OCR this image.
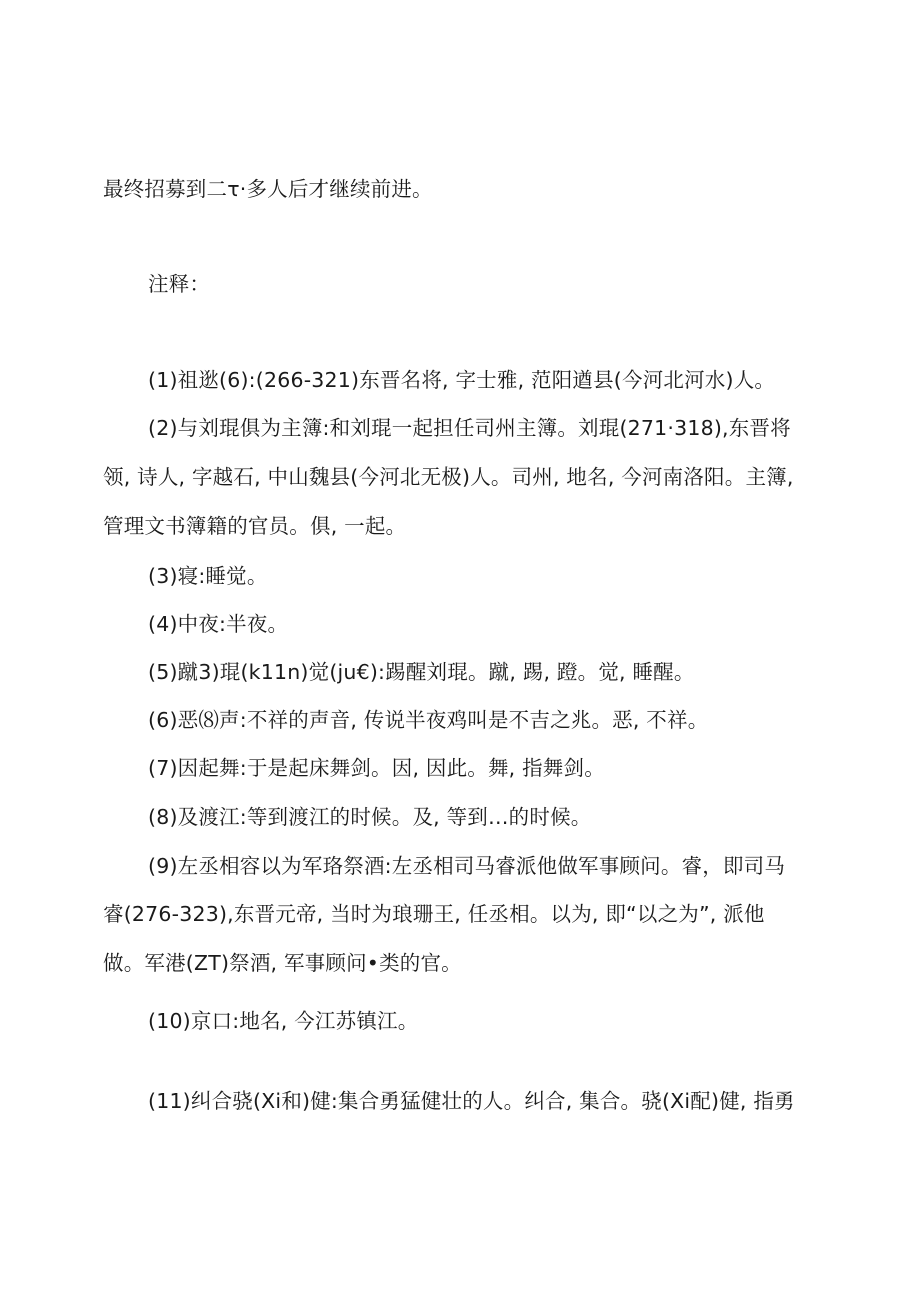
最终招募到二τ·多人后才继续前进。
注释：
(1)祖逖(6):(266-321)东晋名将, 字士雅, 范阳遒县(今河北河水)人。
(2)与刘琨俱为主簿:和刘琨一起担任司州主簿。刘琨(271·318),东晋将
领, 诗人, 字越石, 中山魏县(今河北无极)人。司州, 地名, 今河南洛阳。主簿,
管理文书簿籍的官员。俱, 一起。
(3)寝:睡觉。
(4)中夜:半夜。
(5)蹴3)琨(k11n)觉(ju€):踢醒刘琨。蹴, 踢, 蹬。觉, 睡醒。
(6)恶⑻声:不祥的声音, 传说半夜鸡叫是不吉之兆。恶, 不祥。
(7)因起舞:于是起床舞剑。因, 因此。舞, 指舞剑。
(8)及渡江:等到渡江的时候。及, 等到…的时候。
(9)左丞相容以为军珞祭酒:左丞相司马睿派他做军事顾问。睿，即司马
睿(276-323),东晋元帝, 当时为琅珊王, 任丞相。以为, 即“以之为”, 派他
做。军港(ZT)祭酒, 军事顾问•类的官。
(10)京口:地名, 今江苏镇江。
(11)纠合骁(Xi和)健:集合勇猛健壮的人。纠合, 集合。骁(Xi配)健, 指勇
